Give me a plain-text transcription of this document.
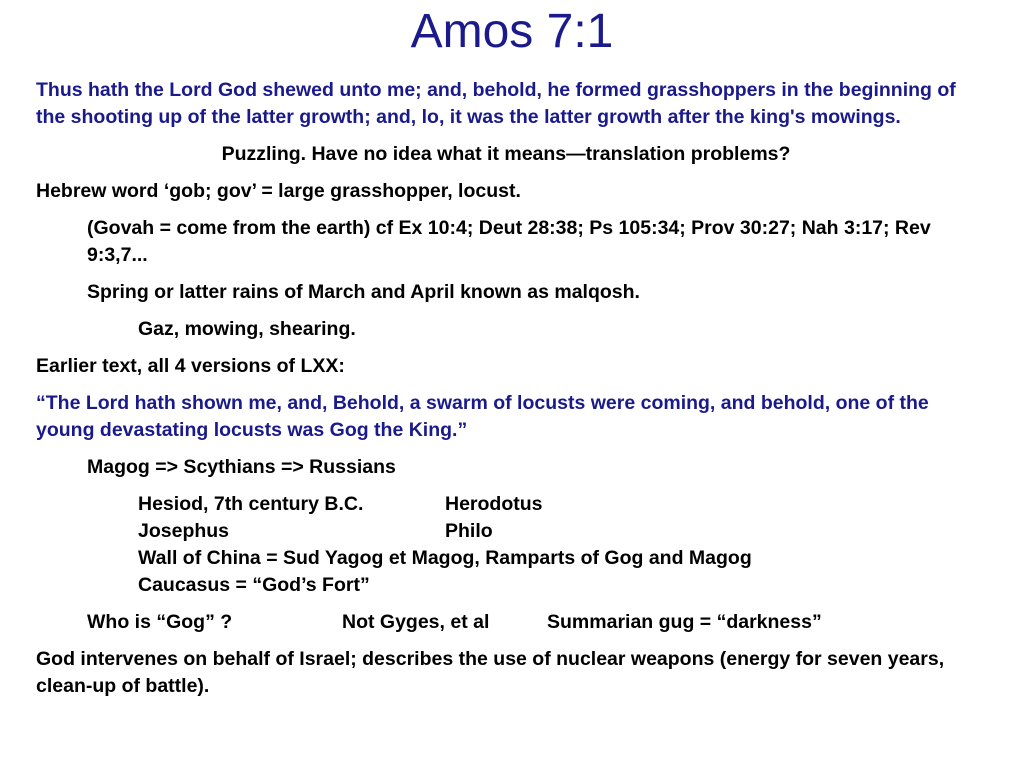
Amos 7:1
Thus hath the Lord God shewed unto me; and, behold, he formed grasshoppers in the beginning of the shooting up of the latter growth; and, lo, it was the latter growth after the king's mowings.
Puzzling. Have no idea what it means—translation problems?
Hebrew word ‘gob; gov’ = large grasshopper, locust.
(Govah = come from the earth) cf Ex 10:4; Deut 28:38; Ps 105:34; Prov 30:27; Nah 3:17; Rev 9:3,7...
Spring or latter rains of March and April known as malqosh.
Gaz, mowing, shearing.
Earlier text, all 4 versions of LXX:
“The Lord hath shown me, and, Behold, a swarm of locusts were coming, and behold, one of the young devastating locusts was Gog the King.”
Magog => Scythians => Russians
Hesiod, 7th century B.C.	Herodotus
Josephus	Philo
Wall of China = Sud Yagog et Magog, Ramparts of Gog and Magog
Caucasus = “God’s Fort”
Who is “Gog” ?	Not Gyges, et al	Summarian gug = “darkness”
God intervenes on behalf of Israel; describes the use of nuclear weapons (energy for seven years, clean-up of battle).
